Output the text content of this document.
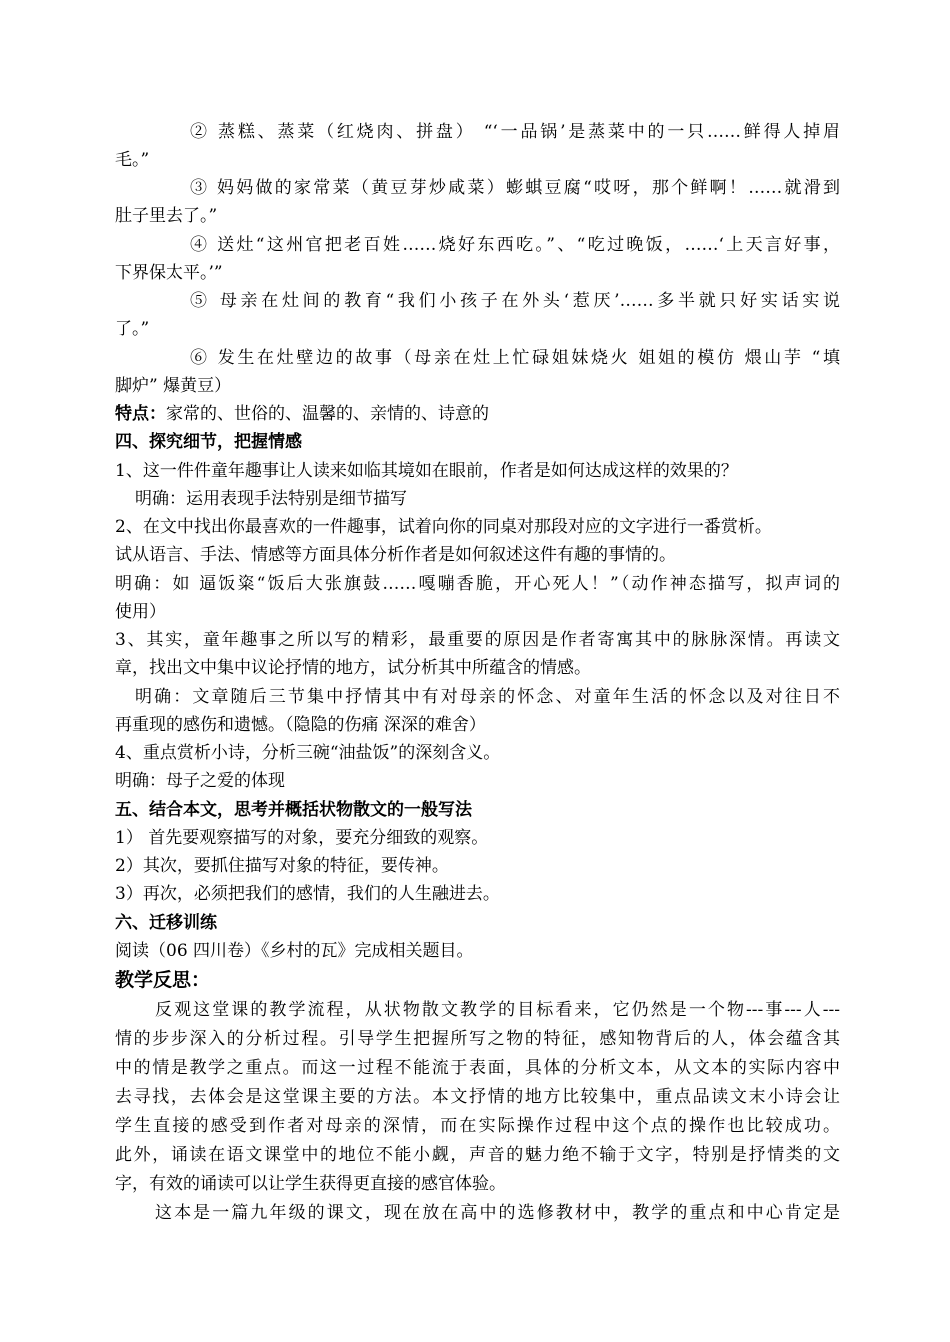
② 蒸糕、蒸菜（红烧肉、拼盘） “‘一品锅’是蒸菜中的一只……鲜得人掉眉
毛。”
③ 妈妈做的家常菜（黄豆芽炒咸菜）蟛蜞豆腐“哎呀，那个鲜啊！……就滑到
肚子里去了。”
④ 送灶“这州官把老百姓……烧好东西吃。”、“吃过晚饭，……‘上天言好事，
下界保太平。’”
⑤ 母亲在灶间的教育“我们小孩子在外头‘惹厌’……多半就只好实话实说
了。”
⑥ 发生在灶壁边的故事（母亲在灶上忙碌姐妹烧火 姐姐的模仿 煨山芋 “填
脚炉” 爆黄豆）
特点：家常的、世俗的、温馨的、亲情的、诗意的
四、探究细节，把握情感
1、这一件件童年趣事让人读来如临其境如在眼前，作者是如何达成这样的效果的？
明确：运用表现手法特别是细节描写
2、在文中找出你最喜欢的一件趣事，试着向你的同桌对那段对应的文字进行一番赏析。
试从语言、手法、情感等方面具体分析作者是如何叙述这件有趣的事情的。
明确：如 逼饭粢“饭后大张旗鼓……嘎嘣香脆，开心死人！”（动作神态描写，拟声词的
使用）
3、其实，童年趣事之所以写的精彩，最重要的原因是作者寄寓其中的脉脉深情。再读文
章，找出文中集中议论抒情的地方，试分析其中所蕴含的情感。
明确：文章随后三节集中抒情其中有对母亲的怀念、对童年生活的怀念以及对往日不
再重现的感伤和遗憾。（隐隐的伤痛 深深的难舍）
4、重点赏析小诗，分析三碗“油盐饭”的深刻含义。
明确：母子之爱的体现
五、结合本文，思考并概括状物散文的一般写法
1） 首先要观察描写的对象，要充分细致的观察。
2）其次，要抓住描写对象的特征，要传神。
3）再次，必须把我们的感情，我们的人生融进去。
六、迁移训练
阅读（06 四川卷）《乡村的瓦》完成相关题目。
教学反思：
反观这堂课的教学流程，从状物散文教学的目标看来，它仍然是一个物---事---人---
情的步步深入的分析过程。引导学生把握所写之物的特征，感知物背后的人，体会蕴含其
中的情是教学之重点。而这一过程不能流于表面，具体的分析文本，从文本的实际内容中
去寻找，去体会是这堂课主要的方法。本文抒情的地方比较集中，重点品读文末小诗会让
学生直接的感受到作者对母亲的深情，而在实际操作过程中这个点的操作也比较成功。
此外，诵读在语文课堂中的地位不能小觑，声音的魅力绝不输于文字，特别是抒情类的文
字，有效的诵读可以让学生获得更直接的感官体验。
这本是一篇九年级的课文，现在放在高中的选修教材中，教学的重点和中心肯定是
